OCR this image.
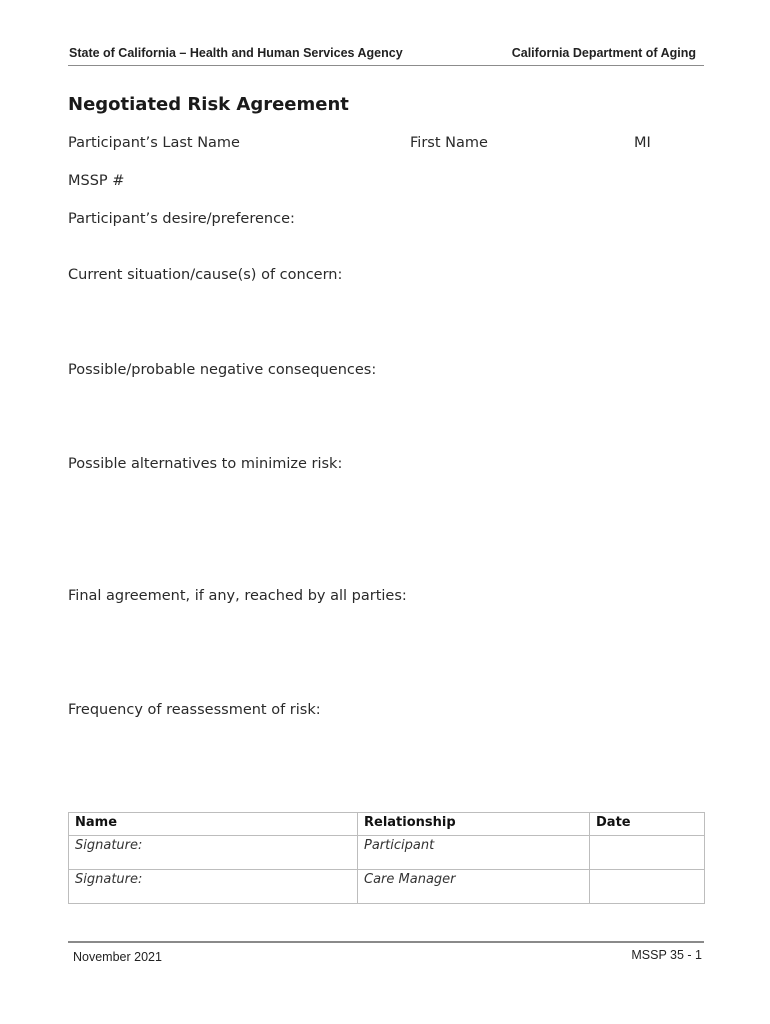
State of California – Health and Human Services Agency	California Department of Aging
Negotiated Risk Agreement
Participant’s Last Name	First Name	MI
MSSP #
Participant’s desire/preference:
Current situation/cause(s) of concern:
Possible/probable negative consequences:
Possible alternatives to minimize risk:
Final agreement, if any, reached by all parties:
Frequency of reassessment of risk:
Name	Relationship	Date
Signature:	Participant	
Signature:	Care Manager	
November 2021	MSSP 35 - 1
